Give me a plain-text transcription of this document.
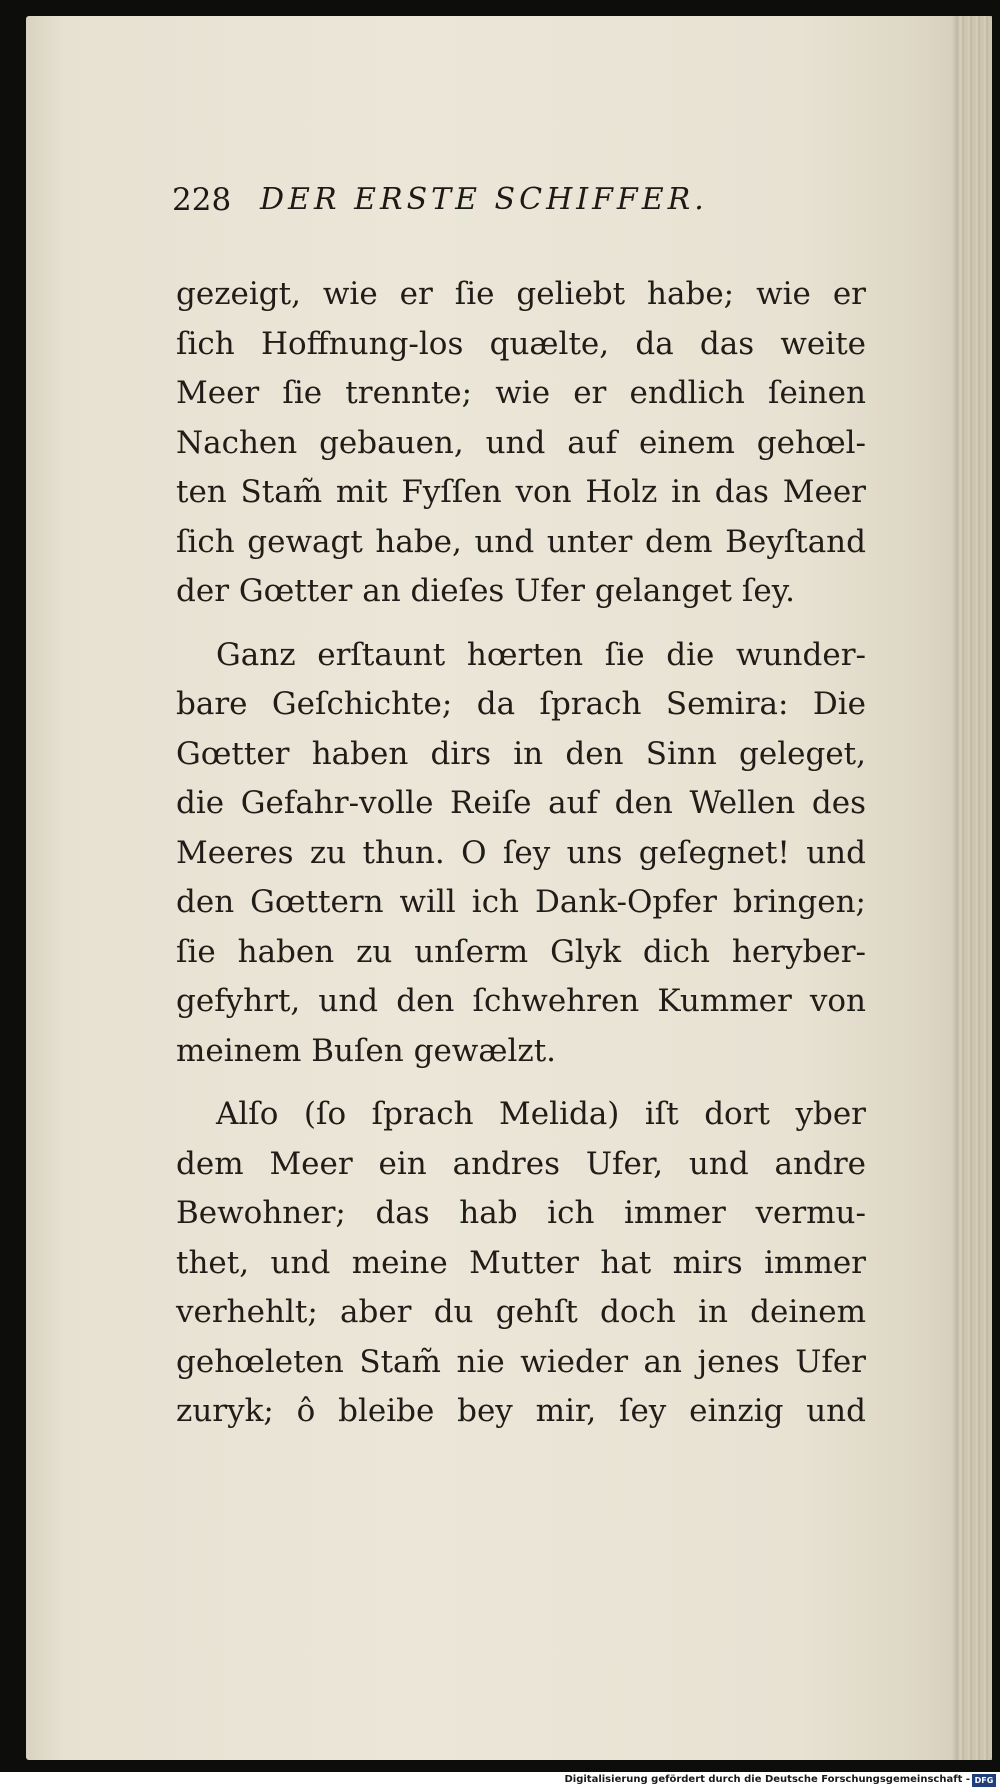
228 DER ERSTE SCHIFFER.
gezeigt, wie er ſie geliebt habe; wie er
ſich Hoffnung-los quælte, da das weite
Meer ſie trennte; wie er endlich ſeinen
Nachen gebauen, und auf einem gehœl-
ten Stam̃ mit Fyſſen von Holz in das Meer
ſich gewagt habe, und unter dem Beyſtand
der Gœtter an dieſes Ufer gelanget ſey.
Ganz erſtaunt hœrten ſie die wunder-
bare Geſchichte; da ſprach Semira: Die
Gœtter haben dirs in den Sinn geleget,
die Gefahr-volle Reiſe auf den Wellen des
Meeres zu thun. O ſey uns geſegnet! und
den Gœttern will ich Dank-Opfer bringen;
ſie haben zu unſerm Glyk dich heryber-
gefyhrt, und den ſchwehren Kummer von
meinem Buſen gewælzt.
Alſo (ſo ſprach Melida) iſt dort yber
dem Meer ein andres Ufer, und andre
Bewohner; das hab ich immer vermu-
thet, und meine Mutter hat mirs immer
verhehlt; aber du gehſt doch in deinem
gehœleten Stam̃ nie wieder an jenes Ufer
zuryk; ô bleibe bey mir, ſey einzig und
Digitalisierung gefördert durch die Deutsche Forschungsgemeinschaft - DFG
